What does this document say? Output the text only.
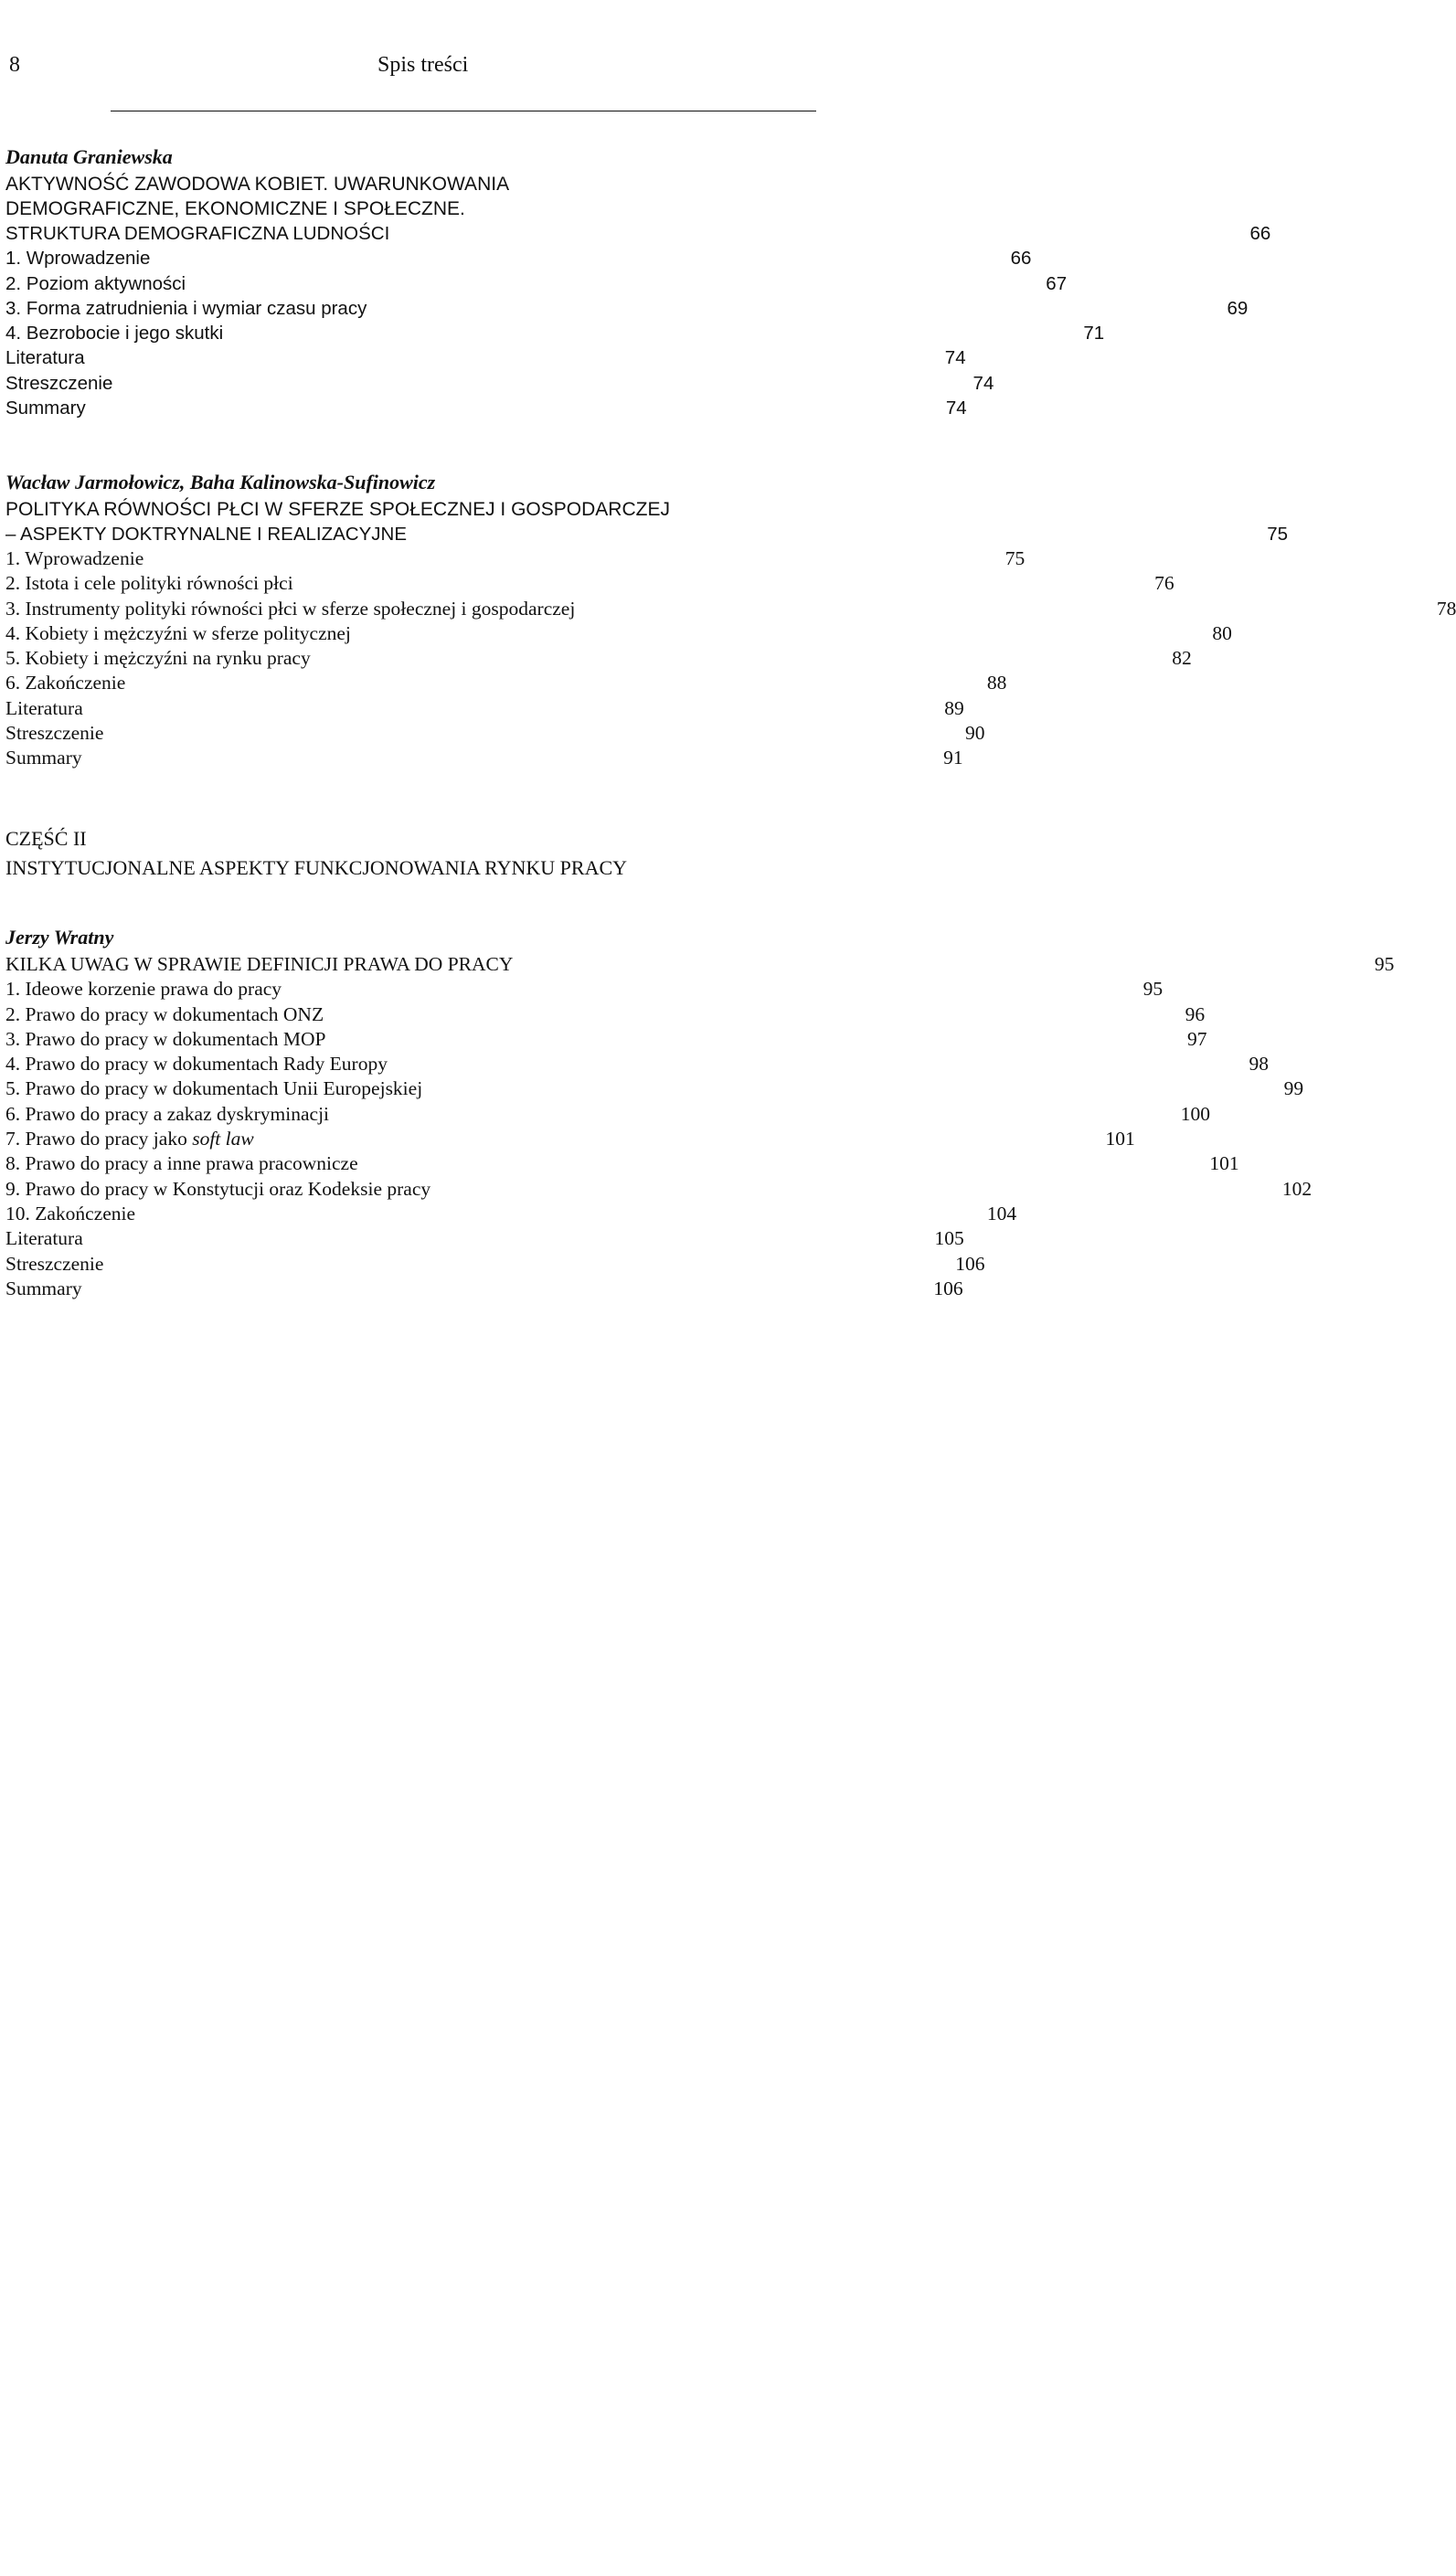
8	Spis treści
Danuta Graniewska
AKTYWNOŚĆ ZAWODOWA KOBIET. UWARUNKOWANIA
DEMOGRAFICZNE, EKONOMICZNE I SPOŁECZNE.
STRUKTURA DEMOGRAFICZNA LUDNOŚCI	66
1. Wprowadzenie	66
2. Poziom aktywności	67
3. Forma zatrudnienia i wymiar czasu pracy	69
4. Bezrobocie i jego skutki	71
Literatura	74
Streszczenie	74
Summary	74
Wacław Jarmołowicz, Baha Kalinowska-Sufinowicz
POLITYKA RÓWNOŚCI PŁCI W SFERZE SPOŁECZNEJ I GOSPODARCZEJ
– ASPEKTY DOKTRYNALNE I REALIZACYJNE	75
1. Wprowadzenie	75
2. Istota i cele polityki równości płci	76
3. Instrumenty polityki równości płci w sferze społecznej i gospodarczej	78
4. Kobiety i mężczyźni w sferze politycznej	80
5. Kobiety i mężczyźni na rynku pracy	82
6. Zakończenie	88
Literatura	89
Streszczenie	90
Summary	91
CZĘŚĆ II
INSTYTUCJONALNE ASPEKTY FUNKCJONOWANIA RYNKU PRACY
Jerzy Wratny
KILKA UWAG W SPRAWIE DEFINICJI PRAWA DO PRACY	95
1. Ideowe korzenie prawa do pracy	95
2. Prawo do pracy w dokumentach ONZ	96
3. Prawo do pracy w dokumentach MOP	97
4. Prawo do pracy w dokumentach Rady Europy	98
5. Prawo do pracy w dokumentach Unii Europejskiej	99
6. Prawo do pracy a zakaz dyskryminacji	100
7. Prawo do pracy jako soft law	101
8. Prawo do pracy a inne prawa pracownicze	101
9. Prawo do pracy w Konstytucji oraz Kodeksie pracy	102
10. Zakończenie	104
Literatura	105
Streszczenie	106
Summary	106
